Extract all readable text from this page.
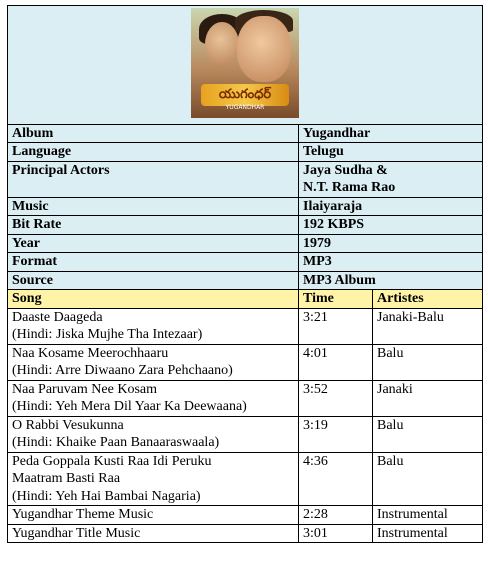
యుగంధర్
YUGANDHAR		

Album	Yugandhar	
Language	Telugu	
Principal Actors	Jaya Sudha &
N.T. Rama Rao	
Music	Ilaiyaraja	
Bit Rate	192 KBPS	
Year	1979	
Format	MP3	
Source	MP3 Album	
Song	Time	Artistes
Daaste Daageda
(Hindi: Jiska Mujhe Tha Intezaar)	3:21	Janaki-Balu
Naa Kosame Meerochhaaru
(Hindi: Arre Diwaano Zara Pehchaano)	4:01	Balu
Naa Paruvam Nee Kosam
(Hindi: Yeh Mera Dil Yaar Ka Deewaana)	3:52	Janaki
O Rabbi Vesukunna
(Hindi: Khaike Paan Banaaraswaala)	3:19	Balu
Peda Goppala Kusti Raa Idi Peruku
Maatram Basti Raa
(Hindi: Yeh Hai Bambai Nagaria)	4:36	Balu
Yugandhar Theme Music	2:28	Instrumental
Yugandhar Title Music	3:01	Instrumental
